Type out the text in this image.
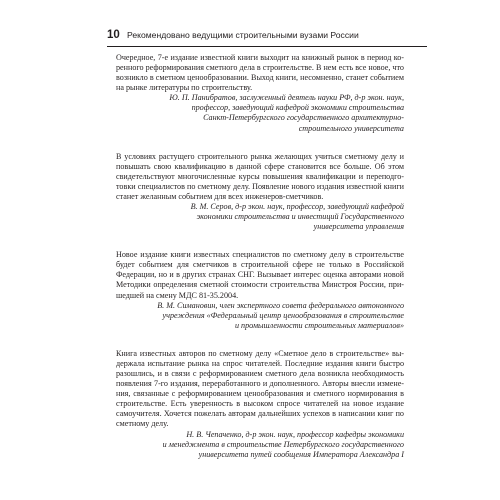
10 Рекомендовано ведущими строительными вузами России

Очередное, 7-е издание известной книги выходит на книжный рынок в период коренного реформирования сметного дела в строительстве. В нем есть все новое, что возникло в сметном ценообразовании. Выход книги, несомненно, станет событием на рынке литературы по строительству.

Ю. П. Панибратов, заслуженный деятель науки РФ, д-р экон. наук,
профессор, заведующий кафедрой экономики строительства
Санкт-Петербургского государственного архитектурно-
строительного университета

В условиях растущего строительного рынка желающих учиться сметному делу и повышать свою квалификацию в данной сфере становится все больше. Об этом свидетельствуют многочисленные курсы повышения квалификации и переподготовки специалистов по сметному делу. Появление нового издания известной книги станет желанным событием для всех инженеров-сметчиков.

В. М. Серов, д-р экон. наук, профессор, заведующий кафедрой
экономики строительства и инвестиций Государственного
университета управления

Новое издание книги известных специалистов по сметному делу в строительстве будет событием для сметчиков в строительной сфере не только в Российской Федерации, но и в других странах СНГ. Вызывает интерес оценка авторами новой Методики определения сметной стоимости строительства Минстроя России, пришедшей на смену МДС 81-35.2004.

В. М. Симановин, член экспертного совета федерального автономного
учреждения «Федеральный центр ценообразования в строительстве
и промышленности строительных материалов»

Книга известных авторов по сметному делу «Сметное дело в строительстве» выдержала испытание рынка на спрос читателей. Последние издания книги быстро разошлись, и в связи с реформированием сметного дела возникла необходимость появления 7-го издания, переработанного и дополненного. Авторы внесли изменения, связанные с реформированием ценообразования и сметного нормирования в строительстве. Есть уверенность в высоком спросе читателей на новое издание самоучителя. Хочется пожелать авторам дальнейших успехов в написании книг по сметному делу.

Н. В. Чепаченко, д-р экон. наук, профессор кафедры экономики
и менеджмента в строительстве Петербургского государственного
университета путей сообщения Императора Александра I
